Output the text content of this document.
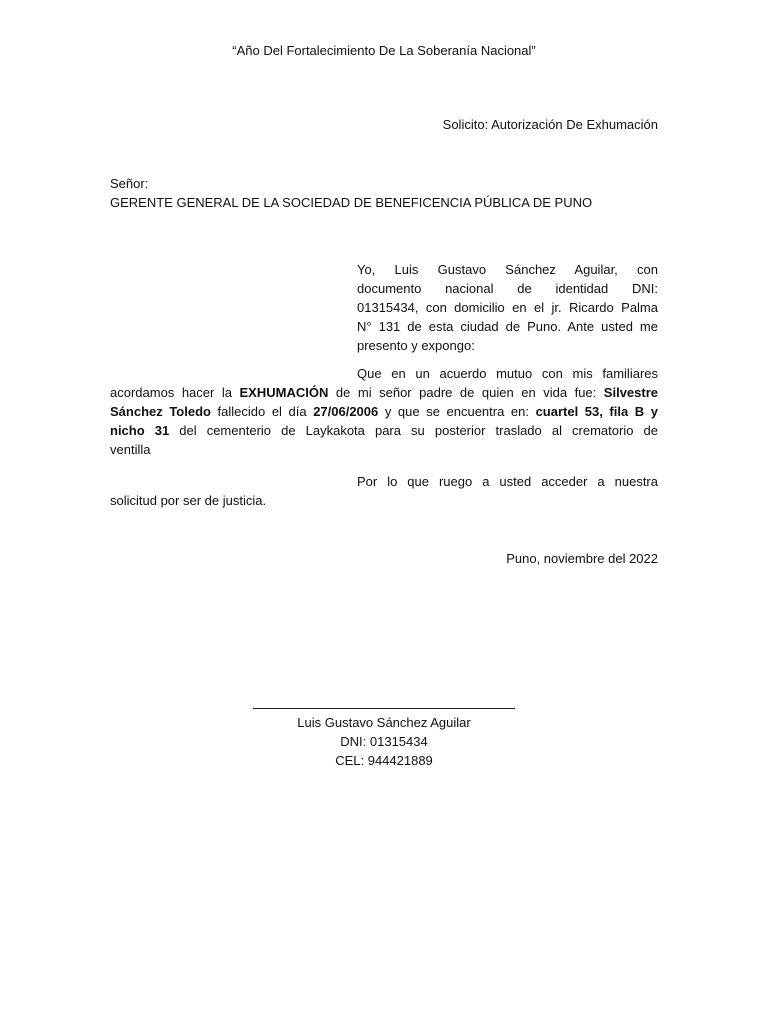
“Año Del Fortalecimiento De La Soberanía Nacional”
Solicito: Autorización De Exhumación
Señor:
GERENTE GENERAL DE LA SOCIEDAD DE BENEFICENCIA PÚBLICA DE PUNO
Yo, Luis Gustavo Sánchez Aguilar, con
documento nacional de identidad DNI:
01315434, con domicilio en el jr. Ricardo Palma
N° 131 de esta ciudad de Puno. Ante usted me
presento y expongo:
Que en un acuerdo mutuo con mis familiares
acordamos hacer la EXHUMACIÓN de mi señor padre de quien en vida fue: Silvestre
Sánchez Toledo fallecido el día 27/06/2006 y que se encuentra en: cuartel 53, fila B y
nicho 31 del cementerio de Laykakota para su posterior traslado al crematorio de
ventilla
Por lo que ruego a usted acceder a nuestra
solicitud por ser de justicia.
Puno, noviembre del 2022
Luis Gustavo Sánchez Aguilar
DNI: 01315434
CEL: 944421889
